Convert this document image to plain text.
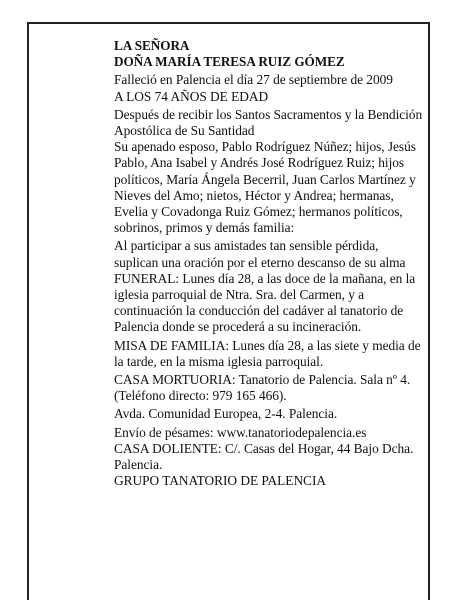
LA SEÑORA

DOÑA MARÍA TERESA RUIZ GÓMEZ

Falleció en Palencia el día 27 de septiembre de 2009

A LOS 74 AÑOS DE EDAD

Después de recibir los Santos Sacramentos y la Bendición Apostólica de Su Santidad

Su apenado esposo, Pablo Rodríguez Núñez; hijos, Jesús Pablo, Ana Isabel y Andrés José Rodríguez Ruiz; hijos políticos, María Ángela Becerril, Juan Carlos Martínez y Nieves del Amo; nietos, Héctor y Andrea; hermanas, Evelia y Covadonga Ruiz Gómez; hermanos políticos, sobrinos, primos y demás familia:

Al participar a sus amistades tan sensible pérdida, suplican una oración por el eterno descanso de su alma

FUNERAL: Lunes día 28, a las doce de la mañana, en la iglesia parroquial de Ntra. Sra. del Carmen, y a continuación la conducción del cadáver al tanatorio de Palencia donde se procederá a su incineración.

MISA DE FAMILIA: Lunes día 28, a las siete y media de la tarde, en la misma iglesia parroquial.

CASA MORTUORIA: Tanatorio de Palencia. Sala nº 4. (Teléfono directo: 979 165 466).

Avda. Comunidad Europea, 2-4. Palencia.

Envío de pésames: www.tanatoriodepalencia.es

CASA DOLIENTE: C/. Casas del Hogar, 44 Bajo Dcha. Palencia.

GRUPO TANATORIO DE PALENCIA
